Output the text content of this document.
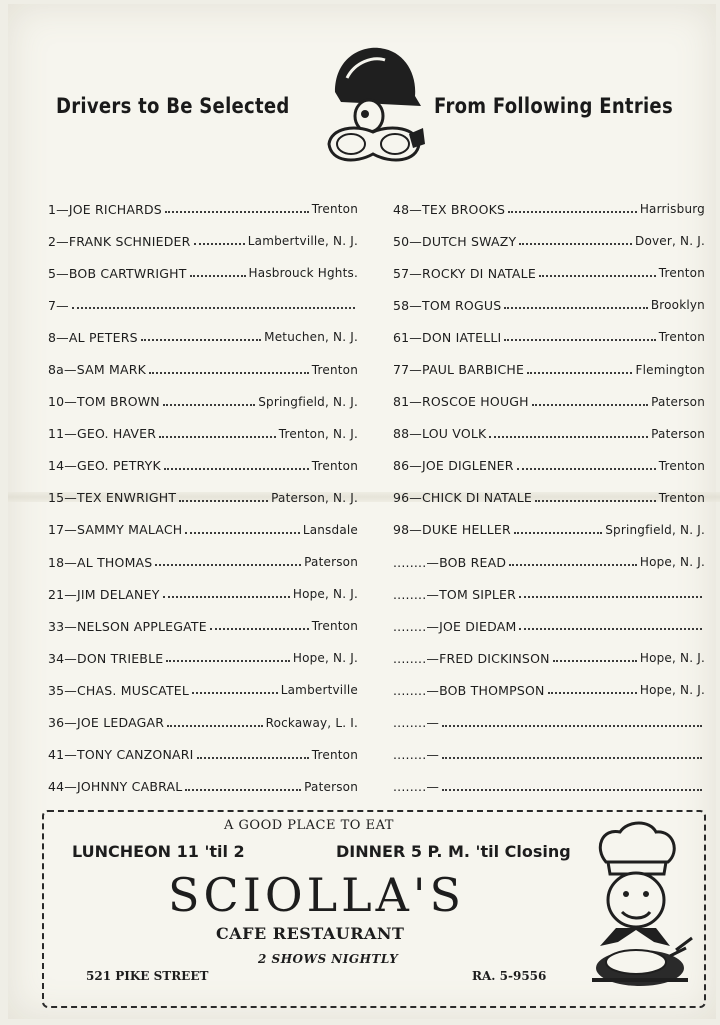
Drivers to Be Selected	From Following Entries
1—JOE RICHARDS	Trenton
2—FRANK SCHNIEDER	Lambertville, N. J.
5—BOB CARTWRIGHT	Hasbrouck Hghts.
7—
8—AL PETERS	Metuchen, N. J.
8a—SAM MARK	Trenton
10—TOM BROWN	Springfield, N. J.
11—GEO. HAVER	Trenton, N. J.
14—GEO. PETRYK	Trenton
15—TEX ENWRIGHT	Paterson, N. J.
17—SAMMY MALACH	Lansdale
18—AL THOMAS	Paterson
21—JIM DELANEY	Hope, N. J.
33—NELSON APPLEGATE	Trenton
34—DON TRIEBLE	Hope, N. J.
35—CHAS. MUSCATEL	Lambertville
36—JOE LEDAGAR	Rockaway, L. I.
41—TONY CANZONARI	Trenton
44—JOHNNY CABRAL	Paterson
48—TEX BROOKS	Harrisburg
50—DUTCH SWAZY	Dover, N. J.
57—ROCKY DI NATALE	Trenton
58—TOM ROGUS	Brooklyn
61—DON IATELLI	Trenton
77—PAUL BARBICHE	Flemington
81—ROSCOE HOUGH	Paterson
88—LOU VOLK	Paterson
86—JOE DIGLENER	Trenton
96—CHICK DI NATALE	Trenton
98—DUKE HELLER	Springfield, N. J.
........—BOB READ	Hope, N. J.
........—TOM SIPLER
........—JOE DIEDAM
........—FRED DICKINSON	Hope, N. J.
........—BOB THOMPSON	Hope, N. J.
........—
........—
........—
A GOOD PLACE TO EAT
LUNCHEON 11 'til 2	DINNER 5 P. M. 'til Closing
SCIOLLA'S
CAFE RESTAURANT
2 SHOWS NIGHTLY
521 PIKE STREET	RA. 5-9556
